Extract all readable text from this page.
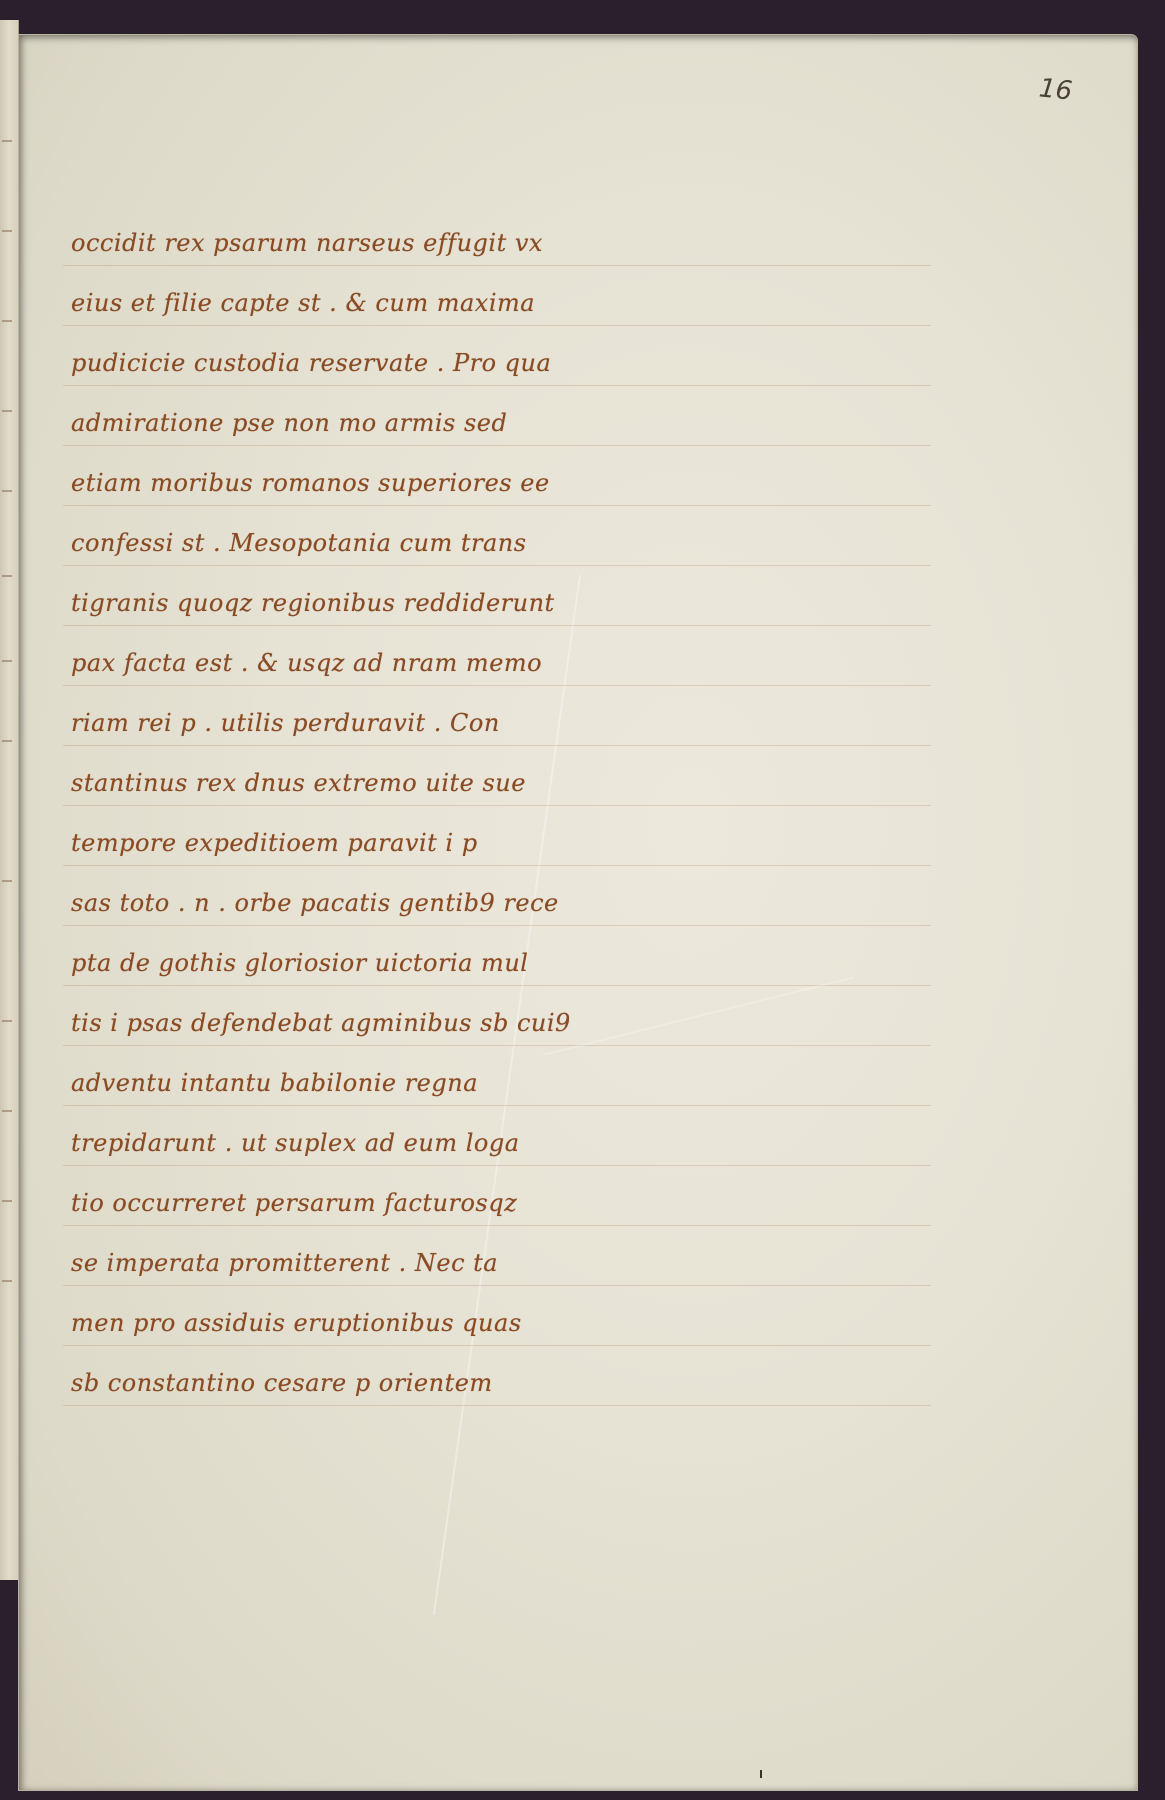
16
occidit rex psarum narseus effugit vx
eius et filie capte st . & cum maxima
pudicicie custodia reservate . Pro qua
admiratione pse non mo armis sed
etiam moribus romanos superiores ee
confessi st . Mesopotania cum trans
tigranis quoqz regionibus reddiderunt
pax facta est . & usqz ad nram memo
riam rei p . utilis perduravit . Con
stantinus rex dnus extremo uite sue
tempore expeditioem paravit i p
sas toto . n . orbe pacatis gentib9 rece
pta de gothis gloriosior uictoria mul
tis i psas defendebat agminibus sb cui9
adventu intantu babilonie regna
trepidarunt . ut suplex ad eum loga
tio occurreret persarum facturosqz
se imperata promitterent . Nec ta
men pro assiduis eruptionibus quas
sb constantino cesare p orientem
